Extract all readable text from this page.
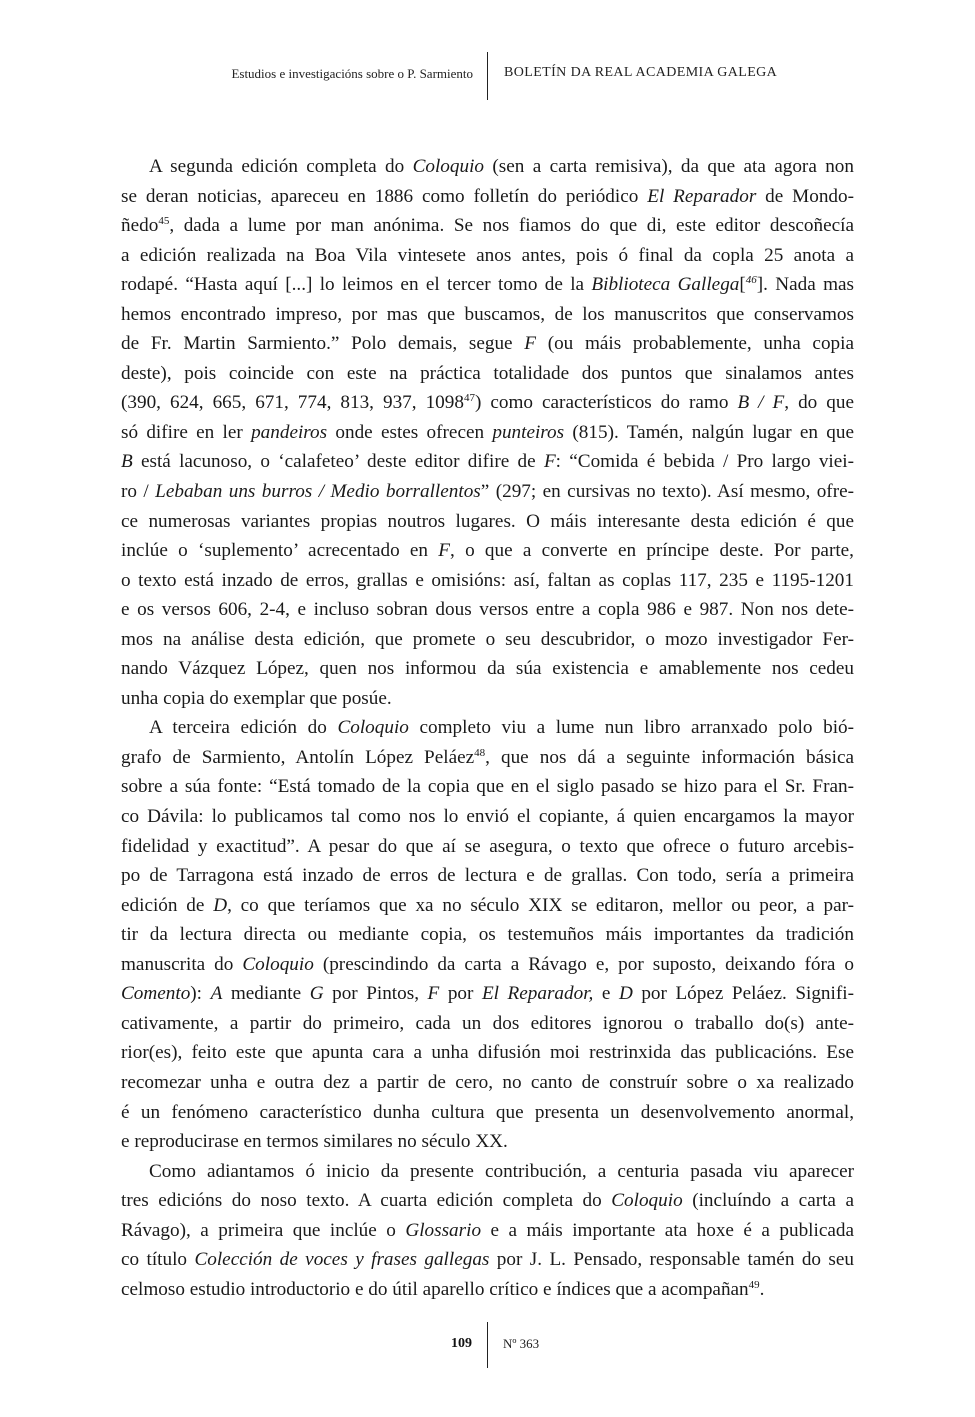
Estudios e investigacións sobre o P. Sarmiento BOLETÍN DA REAL ACADEMIA GALEGA
A segunda edición completa do Coloquio (sen a carta remisiva), da que ata agora non
se deran noticias, apareceu en 1886 como folletín do periódico El Reparador de Mondo-
ñedo$^{45}$, dada a lume por man anónima. Se nos fiamos do que di, este editor descoñecía
a edición realizada na Boa Vila vintesete anos antes, pois ó final da copla 25 anota a
rodapé. “Hasta aquí [...] lo leimos en el tercer tomo de la Biblioteca Gallega[$^{46}$]. Nada mas
hemos encontrado impreso, por mas que buscamos, de los manuscritos que conservamos
de Fr. Martin Sarmiento.” Polo demais, segue F (ou máis probablemente, unha copia
deste), pois coincide con este na práctica totalidade dos puntos que sinalamos antes
(390, 624, 665, 671, 774, 813, 937, 1098$^{47}$) como característicos do ramo B / F, do que
só difire en ler pandeiros onde estes ofrecen punteiros (815). Tamén, nalgún lugar en que
B está lacunoso, o ‘calafeteo’ deste editor difire de F: “Comida é bebida / Pro largo viei-
ro / Lebaban uns burros / Medio borrallentos” (297; en cursivas no texto). Así mesmo, ofre-
ce numerosas variantes propias noutros lugares. O máis interesante desta edición é que
inclúe o ‘suplemento’ acrecentado en F, o que a converte en príncipe deste. Por parte,
o texto está inzado de erros, grallas e omisións: así, faltan as coplas 117, 235 e 1195-1201
e os versos 606, 2-4, e incluso sobran dous versos entre a copla 986 e 987. Non nos dete-
mos na análise desta edición, que promete o seu descubridor, o mozo investigador Fer-
nando Vázquez López, quen nos informou da súa existencia e amablemente nos cedeu
unha copia do exemplar que posúe.
A terceira edición do Coloquio completo viu a lume nun libro arranxado polo bió-
grafo de Sarmiento, Antolín López Peláez$^{48}$, que nos dá a seguinte información básica
sobre a súa fonte: “Está tomado de la copia que en el siglo pasado se hizo para el Sr. Fran-
co Dávila: lo publicamos tal como nos lo envió el copiante, á quien encargamos la mayor
fidelidad y exactitud”. A pesar do que aí se asegura, o texto que ofrece o futuro arcebis-
po de Tarragona está inzado de erros de lectura e de grallas. Con todo, sería a primeira
edición de D, co que teríamos que xa no século XIX se editaron, mellor ou peor, a par-
tir da lectura directa ou mediante copia, os testemuños máis importantes da tradición
manuscrita do Coloquio (prescindindo da carta a Rávago e, por suposto, deixando fóra o
Comento): A mediante G por Pintos, F por El Reparador, e D por López Peláez. Signifi-
cativamente, a partir do primeiro, cada un dos editores ignorou o traballo do(s) ante-
rior(es), feito este que apunta cara a unha difusión moi restrinxida das publicacións. Ese
recomezar unha e outra dez a partir de cero, no canto de construír sobre o xa realizado
é un fenómeno característico dunha cultura que presenta un desenvolvemento anormal,
e reproducirase en termos similares no século XX.
Como adiantamos ó inicio da presente contribución, a centuria pasada viu aparecer
tres edicións do noso texto. A cuarta edición completa do Coloquio (incluíndo a carta a
Rávago), a primeira que inclúe o Glossario e a máis importante ata hoxe é a publicada
co título Colección de voces y frases gallegas por J. L. Pensado, responsable tamén do seu
celmoso estudio introductorio e do útil aparello crítico e índices que a acompañan$^{49}$.
109 Nº 363
